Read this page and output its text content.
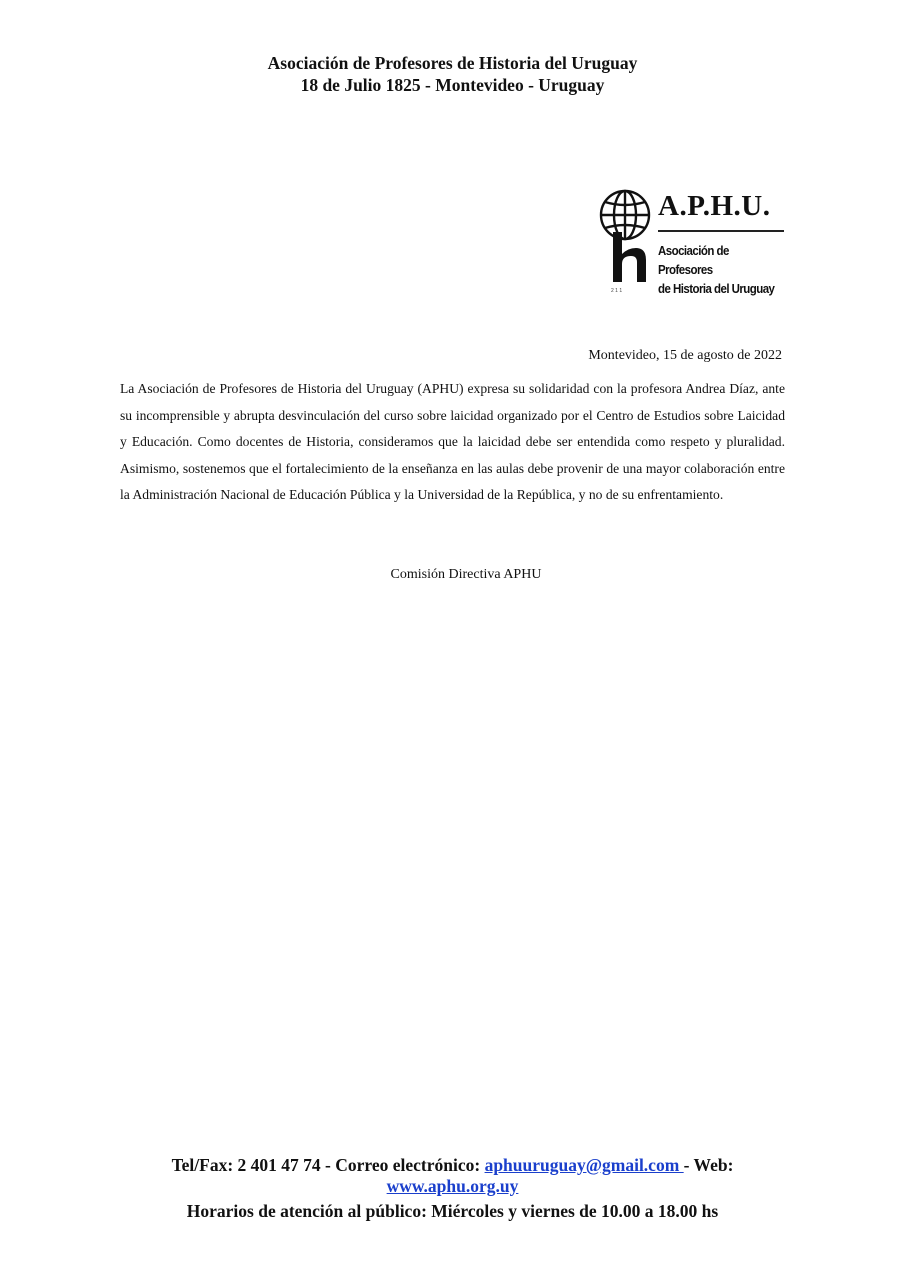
Asociación de Profesores de Historia del Uruguay
18 de Julio 1825 - Montevideo - Uruguay
A.P.H.U.
Asociación de Profesores
de Historia del Uruguay
2 1 1
Montevideo, 15 de agosto de 2022

La Asociación de Profesores de Historia del Uruguay (APHU) expresa su solidaridad con la profesora Andrea Díaz, ante su incomprensible y abrupta desvinculación del curso sobre laicidad organizado por el Centro de Estudios sobre Laicidad y Educación. Como docentes de Historia, consideramos que la laicidad debe ser entendida como respeto y pluralidad. Asimismo, sostenemos que el fortalecimiento de la enseñanza en las aulas debe provenir de una mayor colaboración entre la Administración Nacional de Educación Pública y la Universidad de la República, y no de su enfrentamiento.

Comisión Directiva APHU
Tel/Fax: 2 401 47 74 - Correo electrónico: aphuuruguay@gmail.com - Web:
www.aphu.org.uy
Horarios de atención al público: Miércoles y viernes de 10.00 a 18.00 hs
